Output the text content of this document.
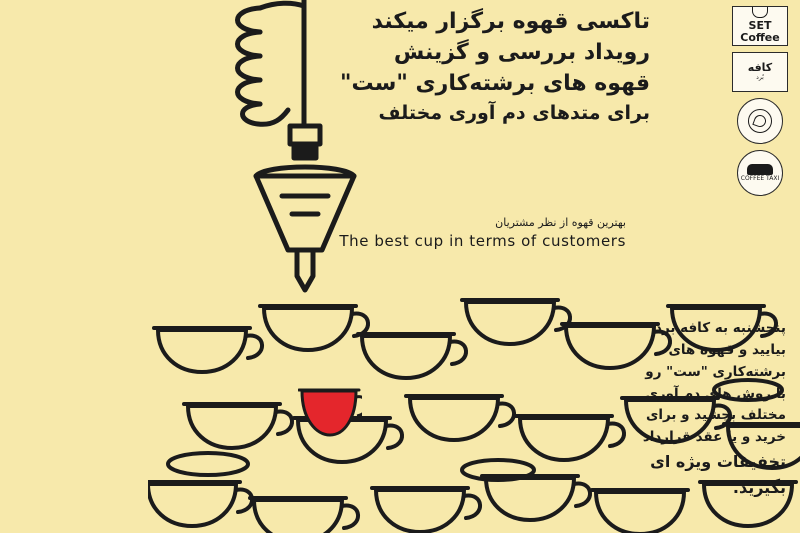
تاکسی قهوه برگزار میکند
رویداد بررسی و گزینش
قهوه های برشته‌کاری "ست"
برای متدهای دم آوری مختلف
SET Coffee
کافه
بُرد
COFFEE TAXI
بهترین قهوه از نظر مشتریان
The best cup in terms of customers
پنجشنبه به کافه برد
بیایید و قهوه های
برشته‌کاری "ست" رو
با روش های دم آوری
مختلف بچشید و برای
خرید و یا عقد قرارداد
تخفیفات ویژه ای
بگیرید.
